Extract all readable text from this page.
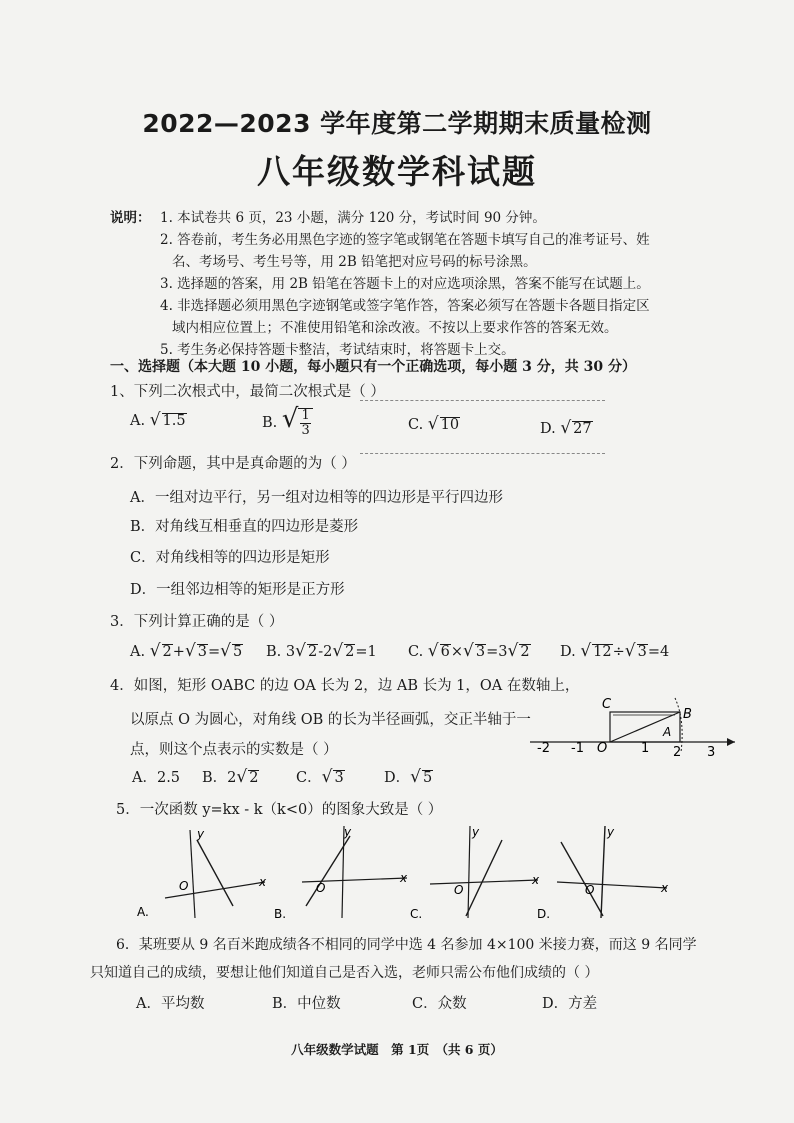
2022—2023 学年度第二学期期末质量检测
八年级数学科试题
说明： 1. 本试卷共 6 页，23 小题，满分 120 分，考试时间 90 分钟。
2. 答卷前，考生务必用黑色字迹的签字笔或钢笔在答题卡填写自己的准考证号、姓
名、考场号、考生号等，用 2B 铅笔把对应号码的标号涂黑。
3. 选择题的答案，用 2B 铅笔在答题卡上的对应选项涂黑，答案不能写在试题上。
4. 非选择题必须用黑色字迹钢笔或签字笔作答，答案必须写在答题卡各题目指定区
域内相应位置上；不准使用铅笔和涂改液。不按以上要求作答的答案无效。
5. 考生务必保持答题卡整洁，考试结束时，将答题卡上交。
一、选择题（本大题 10 小题，每小题只有一个正确选项，每小题 3 分，共 30 分）
1、下列二次根式中，最简二次根式是（ ）
A. √ 1.5	B. √ $\frac{1}{3}$	C. √ 10	D. √ 27
2．下列命题，其中是真命题的为（ ）
A．一组对边平行，另一组对边相等的四边形是平行四边形
B．对角线互相垂直的四边形是菱形
C．对角线相等的四边形是矩形
D．一组邻边相等的矩形是正方形
3．下列计算正确的是（ ）
A. √ 2+√ 3=√ 5 B. 3√ 2-2√ 2=1 C. √ 6×√ 3=3√ 2 D. √ 12÷√ 3=4
4．如图，矩形 OABC 的边 OA 长为 2，边 AB 长为 1，OA 在数轴上，
以原点 O 为圆心，对角线 OB 的长为半径画弧，交正半轴于一
点，则这个点表示的实数是（ ）
A．2.5 B．2√ 2	C．√ 3	D．√ 5
C
B
A
O
-2 -1	1 2 3
5．一次函数 y=kx - k（k<0）的图象大致是（ ）
y
x
O
A.
y
x
O
B.
y
x
O
C.
y
x
O
D.
6．某班要从 9 名百米跑成绩各不相同的同学中选 4 名参加 4×100 米接力赛，而这 9 名同学
只知道自己的成绩，要想让他们知道自己是否入选，老师只需公布他们成绩的（ ）
A．平均数	B．中位数	C．众数	D．方差
八年级数学试题　第 1页　（共 6 页）
